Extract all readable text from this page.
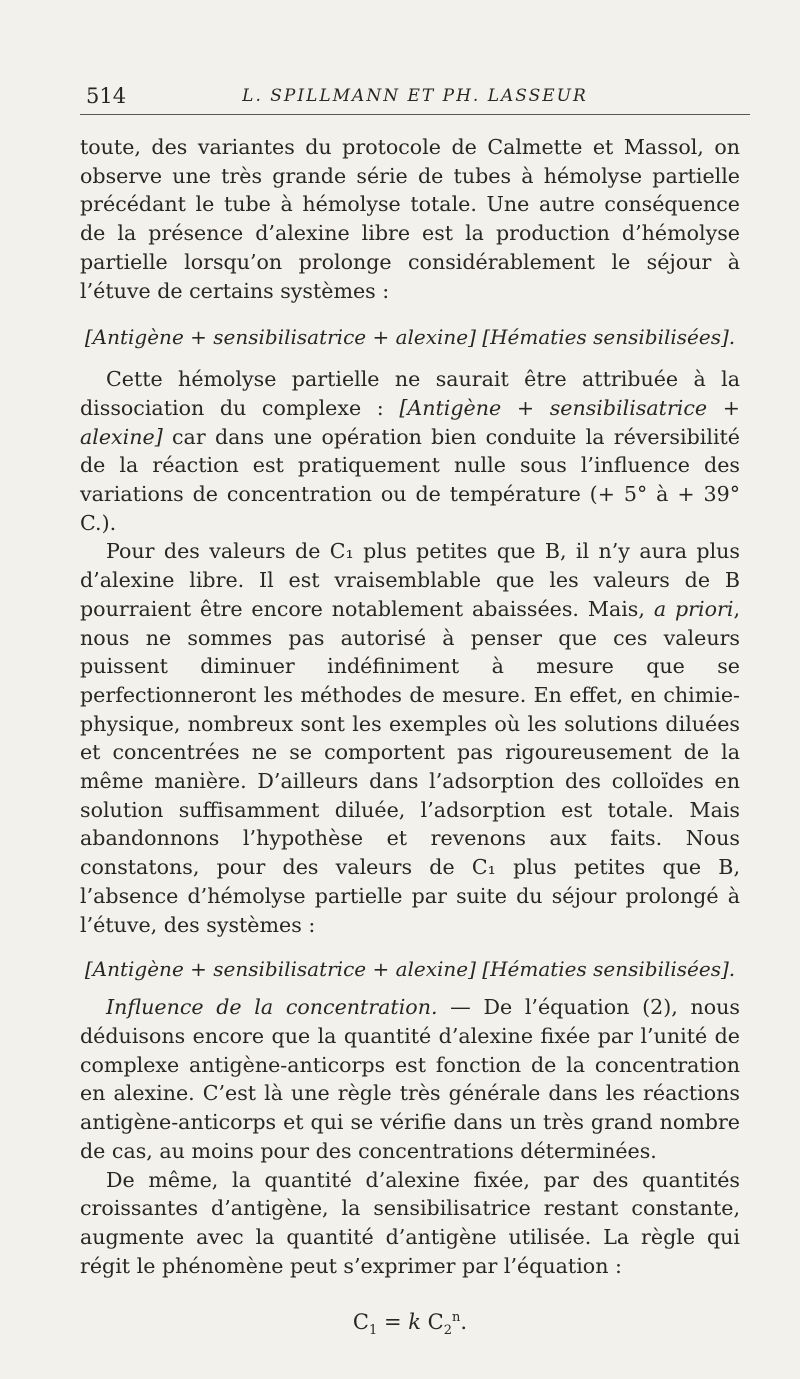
514	L. SPILLMANN ET PH. LASSEUR

toute, des variantes du protocole de Calmette et Massol, on observe une très grande série de tubes à hémolyse partielle précédant le tube à hémolyse totale. Une autre conséquence de la présence d’alexine libre est la production d’hémolyse partielle lorsqu’on prolonge considérablement le séjour à l’étuve de certains systèmes :

[Antigène + sensibilisatrice + alexine] [Hématies sensibilisées].

Cette hémolyse partielle ne saurait être attribuée à la dissociation du complexe : [Antigène + sensibilisatrice + alexine] car dans une opération bien conduite la réversibilité de la réaction est pratiquement nulle sous l’influence des variations de concentration ou de température (+ 5° à + 39° C.).

Pour des valeurs de C₁ plus petites que B, il n’y aura plus d’alexine libre. Il est vraisemblable que les valeurs de B pourraient être encore notablement abaissées. Mais, a priori, nous ne sommes pas autorisé à penser que ces valeurs puissent diminuer indéfiniment à mesure que se perfectionneront les méthodes de mesure. En effet, en chimie-physique, nombreux sont les exemples où les solutions diluées et concentrées ne se comportent pas rigoureusement de la même manière. D’ailleurs dans l’adsorption des colloïdes en solution suffisamment diluée, l’adsorption est totale. Mais abandonnons l’hypothèse et revenons aux faits. Nous constatons, pour des valeurs de C₁ plus petites que B, l’absence d’hémolyse partielle par suite du séjour prolongé à l’étuve, des systèmes :

[Antigène + sensibilisatrice + alexine] [Hématies sensibilisées].

Influence de la concentration. — De l’équation (2), nous déduisons encore que la quantité d’alexine fixée par l’unité de complexe antigène-anticorps est fonction de la concentration en alexine. C’est là une règle très générale dans les réactions antigène-anticorps et qui se vérifie dans un très grand nombre de cas, au moins pour des concentrations déterminées.

De même, la quantité d’alexine fixée, par des quantités croissantes d’antigène, la sensibilisatrice restant constante, augmente avec la quantité d’antigène utilisée. La règle qui régit le phénomène peut s’exprimer par l’équation :

$C_1 = k$ $C_2^n$.
